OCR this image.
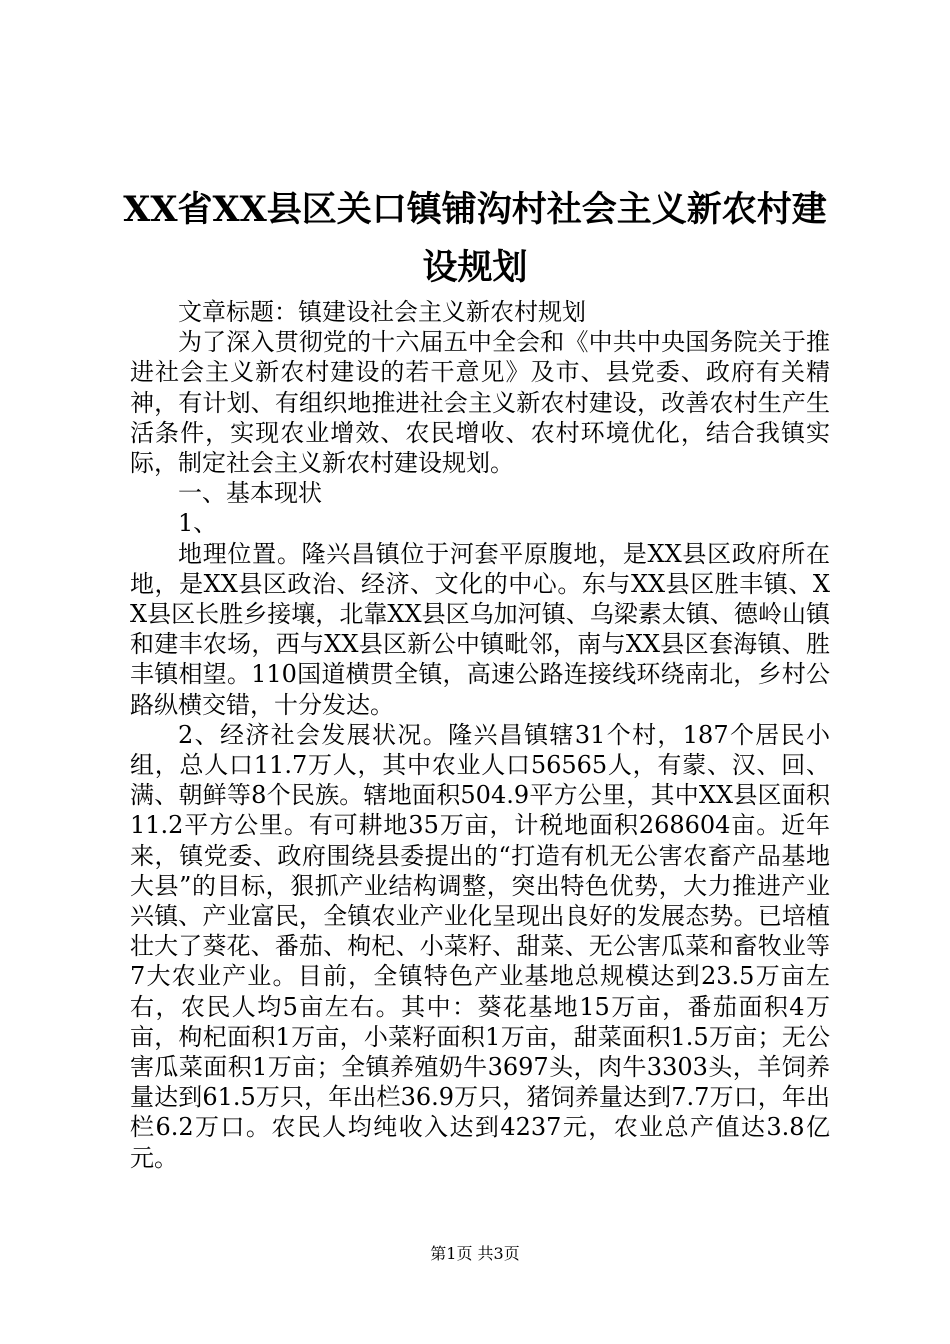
XX省XX县区关口镇铺沟村社会主义新农村建
设规划

文章标题：镇建设社会主义新农村规划

为了深入贯彻党的十六届五中全会和《中共中央国务院关于推进社会主义新农村建设的若干意见》及市、县党委、政府有关精神，有计划、有组织地推进社会主义新农村建设，改善农村生产生活条件，实现农业增效、农民增收、农村环境优化，结合我镇实际，制定社会主义新农村建设规划。

一、基本现状

1、

地理位置。隆兴昌镇位于河套平原腹地，是XX县区政府所在地，是XX县区政治、经济、文化的中心。东与XX县区胜丰镇、XX县区长胜乡接壤，北靠XX县区乌加河镇、乌梁素太镇、德岭山镇和建丰农场，西与XX县区新公中镇毗邻，南与XX县区套海镇、胜丰镇相望。110国道横贯全镇，高速公路连接线环绕南北，乡村公路纵横交错，十分发达。

2、经济社会发展状况。隆兴昌镇辖31个村，187个居民小组，总人口11.7万人，其中农业人口56565人，有蒙、汉、回、满、朝鲜等8个民族。辖地面积504.9平方公里，其中XX县区面积11.2平方公里。有可耕地35万亩，计税地面积268604亩。近年来，镇党委、政府围绕县委提出的“打造有机无公害农畜产品基地大县”的目标，狠抓产业结构调整，突出特色优势，大力推进产业兴镇、产业富民，全镇农业产业化呈现出良好的发展态势。已培植壮大了葵花、番茄、枸杞、小菜籽、甜菜、无公害瓜菜和畜牧业等7大农业产业。目前，全镇特色产业基地总规模达到23.5万亩左右，农民人均5亩左右。其中：葵花基地15万亩，番茄面积4万亩，枸杞面积1万亩，小菜籽面积1万亩，甜菜面积1.5万亩；无公害瓜菜面积1万亩；全镇养殖奶牛3697头，肉牛3303头，羊饲养量达到61.5万只，年出栏36.9万只，猪饲养量达到7.7万口，年出栏6.2万口。农民人均纯收入达到4237元，农业总产值达3.8亿元。

第1页 共3页
